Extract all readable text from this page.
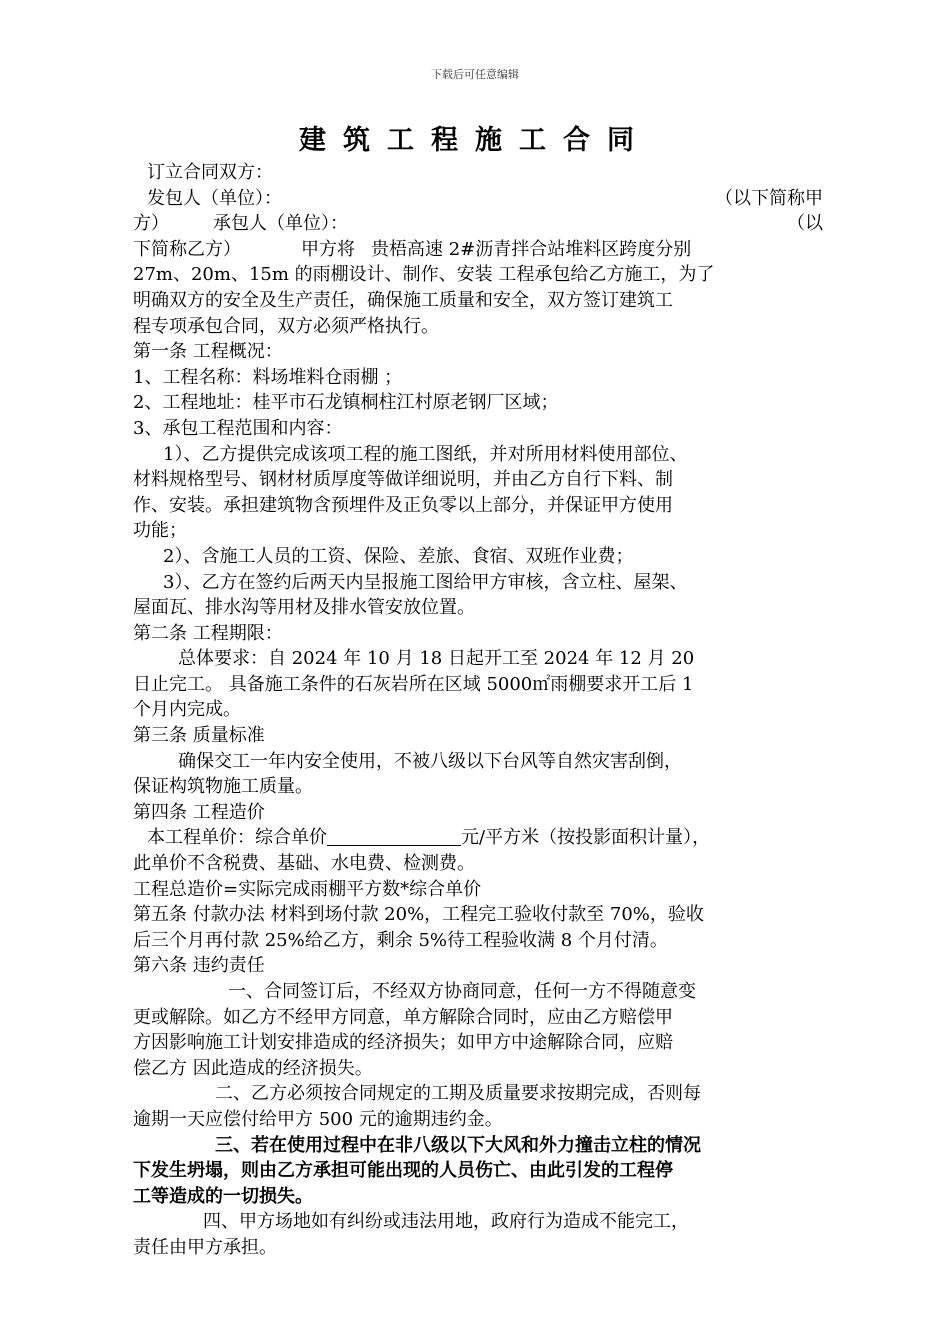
下载后可任意编辑
建筑工程施工合同

订立合同双方：

发包人（单位）：	（以下简称甲
方）	承包人（单位）：	（以

下简称乙方）	甲方将 贵梧高速 2#沥青拌合站堆料区跨度分别

27m、20m、15m 的雨棚设计、制作、安装 工程承包给乙方施工，为了

明确双方的安全及生产责任，确保施工质量和安全，双方签订建筑工

程专项承包合同，双方必须严格执行。

第一条 工程概况：

1、工程名称：料场堆料仓雨棚 ；

2、工程地址：桂平市石龙镇桐柱江村原老钢厂区域；

3、承包工程范围和内容：

1）、乙方提供完成该项工程的施工图纸，并对所用材料使用部位、

材料规格型号、钢材材质厚度等做详细说明，并由乙方自行下料、制

作、安装。承担建筑物含预埋件及正负零以上部分，并保证甲方使用

功能；

2）、含施工人员的工资、保险、差旅、食宿、双班作业费；

3）、乙方在签约后两天内呈报施工图给甲方审核，含立柱、屋架、

屋面瓦、排水沟等用材及排水管安放位置。

第二条 工程期限：

总体要求：自 2024 年 10 月 18 日起开工至 2024 年 12 月 20

日止完工。 具备施工条件的石灰岩所在区域 5000㎡雨棚要求开工后 1

个月内完成。

第三条 质量标准

确保交工一年内安全使用，不被八级以下台风等自然灾害刮倒，

保证构筑物施工质量。

第四条 工程造价

本工程单价：综合单价	元/平方米（按投影面积计量），

此单价不含税费、基础、水电费、检测费。

工程总造价=实际完成雨棚平方数*综合单价

第五条 付款办法 材料到场付款 20%，工程完工验收付款至 70%，验收

后三个月再付款 25%给乙方，剩余 5%待工程验收满 8 个月付清。

第六条 违约责任

一、合同签订后，不经双方协商同意，任何一方不得随意变

更或解除。如乙方不经甲方同意，单方解除合同时，应由乙方赔偿甲

方因影响施工计划安排造成的经济损失；如甲方中途解除合同，应赔

偿乙方 因此造成的经济损失。

二、乙方必须按合同规定的工期及质量要求按期完成，否则每

逾期一天应偿付给甲方 500 元的逾期违约金。

三、若在使用过程中在非八级以下大风和外力撞击立柱的情况

下发生坍塌，则由乙方承担可能出现的人员伤亡、由此引发的工程停

工等造成的一切损失。

四、甲方场地如有纠纷或违法用地，政府行为造成不能完工，

责任由甲方承担。
